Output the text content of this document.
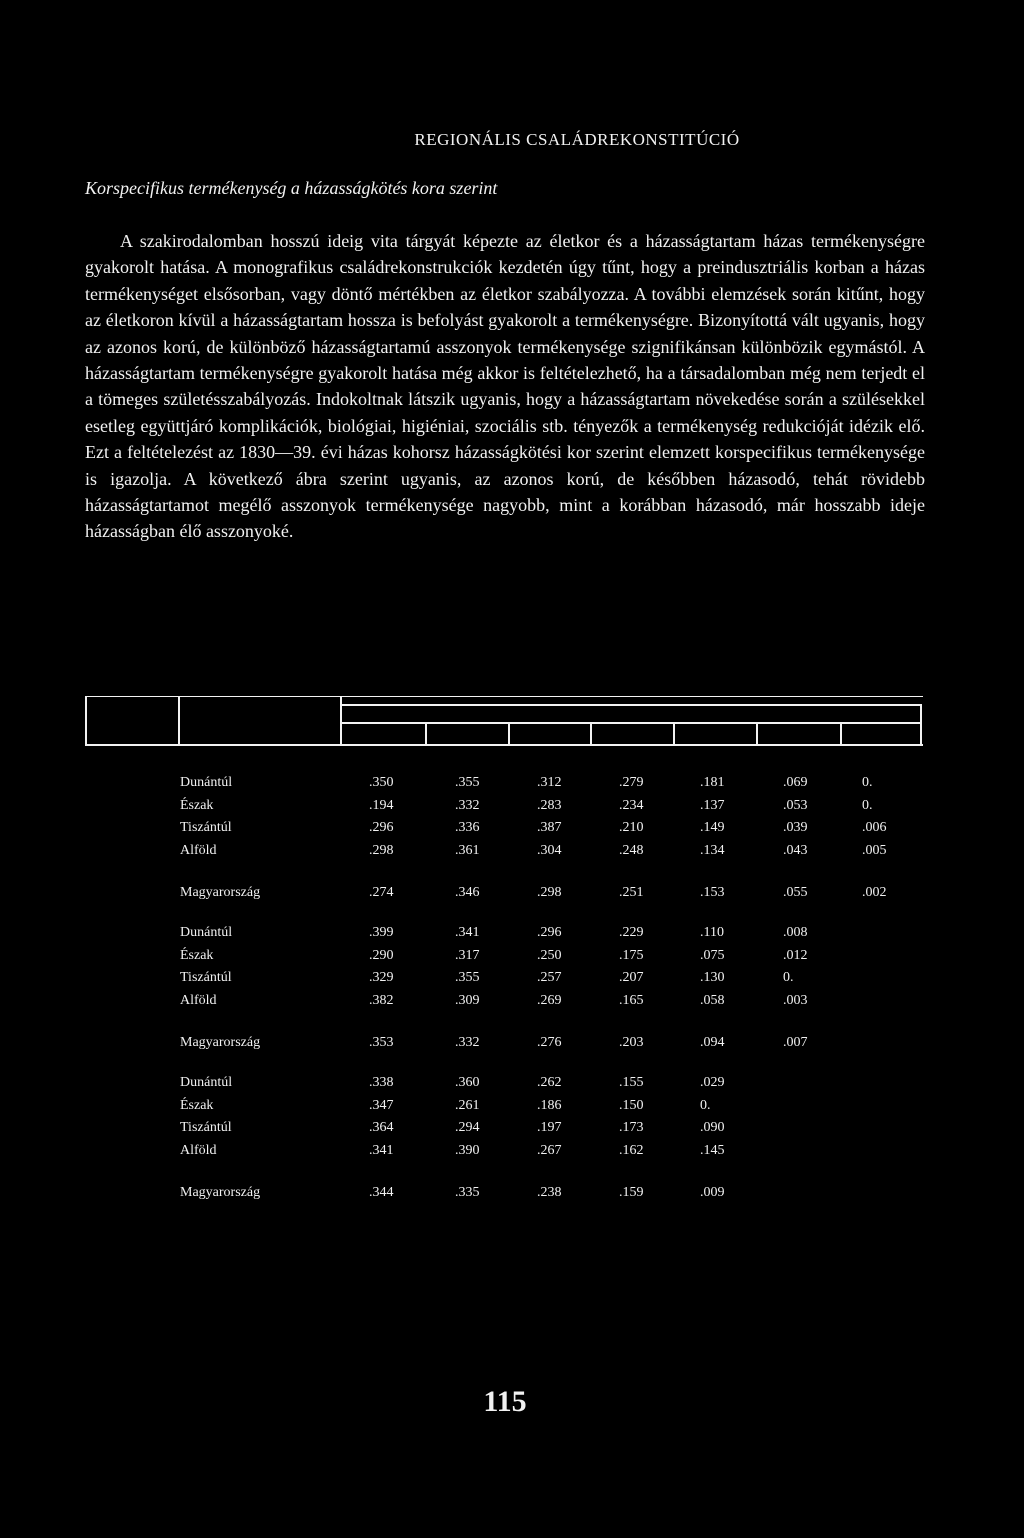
REGIONÁLIS CSALÁDREKONSTITÚCIÓ
Korspecifikus termékenység a házasságkötés kora szerint

A szakirodalomban hosszú ideig vita tárgyát képezte az életkor és a házasságtartam házas termékenységre gyakorolt hatása. A monografikus családrekonstrukciók kezdetén úgy tűnt, hogy a preindusztriális korban a házas termékenységet elsősorban, vagy döntő mértékben az életkor szabályozza. A további elemzések során kitűnt, hogy az életkoron kívül a házasságtartam hossza is befolyást gyakorolt a termékenységre. Bizonyítottá vált ugyanis, hogy az azonos korú, de különböző házasságtartamú asszonyok termékenysége szignifikánsan különbözik egymástól. A házasságtartam termékenységre gyakorolt hatása még akkor is feltételezhető, ha a társadalomban még nem terjedt el a tömeges születésszabályozás. Indokoltnak látszik ugyanis, hogy a házasságtartam növekedése során a szülésekkel esetleg együttjáró komplikációk, biológiai, higiéniai, szociális stb. tényezők a termékenység redukcióját idézik elő. Ezt a feltételezést az 1830—39. évi házas kohorsz házasságkötési kor szerint elemzett korspecifikus termékenysége is igazolja. A következő ábra szerint ugyanis, az azonos korú, de későbben házasodó, tehát rövidebb házasságtartamot megélő asszonyok termékenysége nagyobb, mint a korábban házasodó, már hosszabb ideje házasságban élő asszonyoké.

Dunántúl	.350	.355	.312	.279	.181	.069	0.
Észak	.194	.332	.283	.234	.137	.053	0.
Tiszántúl	.296	.336	.387	.210	.149	.039	.006
Alföld	.298	.361	.304	.248	.134	.043	.005
Magyarország	.274	.346	.298	.251	.153	.055	.002
Dunántúl	.399	.341	.296	.229	.110	.008
Észak	.290	.317	.250	.175	.075	.012
Tiszántúl	.329	.355	.257	.207	.130	0.
Alföld	.382	.309	.269	.165	.058	.003
Magyarország	.353	.332	.276	.203	.094	.007
Dunántúl	.338	.360	.262	.155	.029
Észak	.347	.261	.186	.150	0.
Tiszántúl	.364	.294	.197	.173	.090
Alföld	.341	.390	.267	.162	.145
Magyarország	.344	.335	.238	.159	.009
115
